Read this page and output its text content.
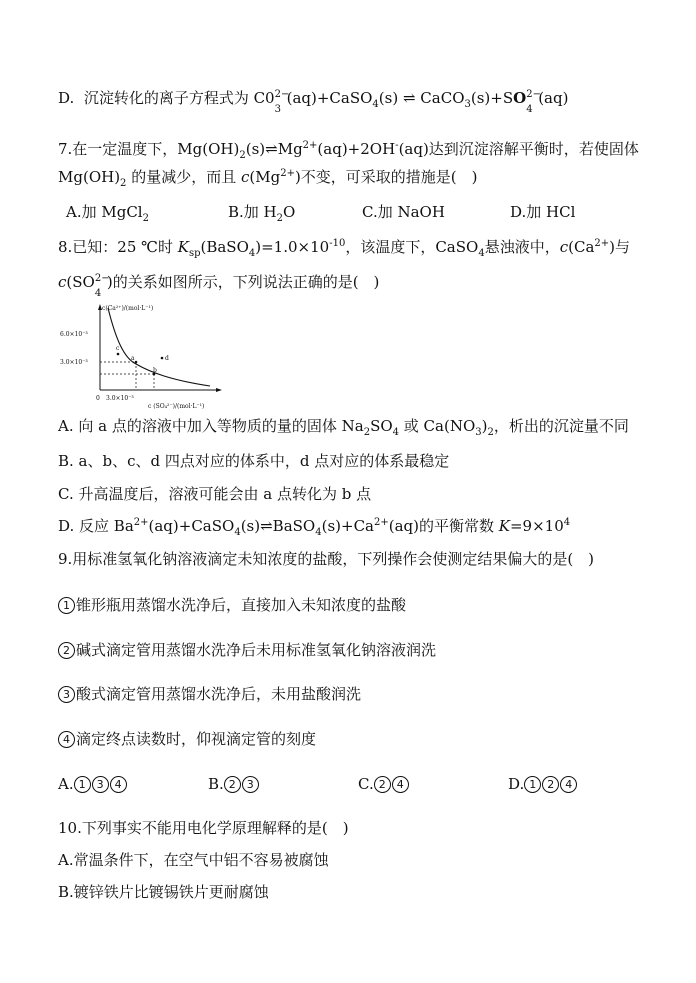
D. 沉淀转化的离子方程式为 C0 2−
3
(aq)+CaSO$_4$(s) ⇌ CaCO$_3$(s)+SO 2−
4
(aq)
7.在一定温度下，$Mg(OH)_2(s)\rightleftharpoons Mg^{2+}(aq)+2OH^-(aq)$达到沉淀溶解平衡时，若使固体
$Mg(OH)_2$ 的量减少，而且 $c(Mg^{2+})$不变，可采取的措施是(　)
A.加 MgCl$_2$	B.加 $H_2O$	C.加 NaOH	D.加 HCl
8.已知：25 ℃时 $K_{sp}(BaSO_4)=1.0\times 10^{-10}$，该温度下，CaSO$_4$悬浊液中，$c(Ca^{2+})$与
c(SO 2−
4
)的关系如图所示，下列说法正确的是(　)
c(Ca²⁺)/(mol·L⁻¹)
6.0×10⁻³
3.0×10⁻³
0 3.0×10⁻³
c (SO₄²⁻)/(mol·L⁻¹)
a
b
c
d
A. 向 a 点的溶液中加入等物质的量的固体 $Na_2SO_4$ 或 $Ca(NO_3)_2$，析出的沉淀量不同
B. a、b、c、d 四点对应的体系中，d 点对应的体系最稳定
C. 升高温度后，溶液可能会由 a 点转化为 b 点
D. 反应 $Ba^{2+}(aq)+CaSO_4(s)\rightleftharpoons BaSO_4(s)+Ca^{2+}(aq)$的平衡常数 $K=9\times 10^4$
9.用标准氢氧化钠溶液滴定未知浓度的盐酸，下列操作会使测定结果偏大的是(　)
1 锥形瓶用蒸馏水洗净后，直接加入未知浓度的盐酸
2 碱式滴定管用蒸馏水洗净后未用标准氢氧化钠溶液润洗
3 酸式滴定管用蒸馏水洗净后，未用盐酸润洗
4 滴定终点读数时，仰视滴定管的刻度
A. 1 3 4	B. 2 3	C. 2 4	D. 1 2 4
10.下列事实不能用电化学原理解释的是(　)
A.常温条件下，在空气中铝不容易被腐蚀
B.镀锌铁片比镀锡铁片更耐腐蚀
